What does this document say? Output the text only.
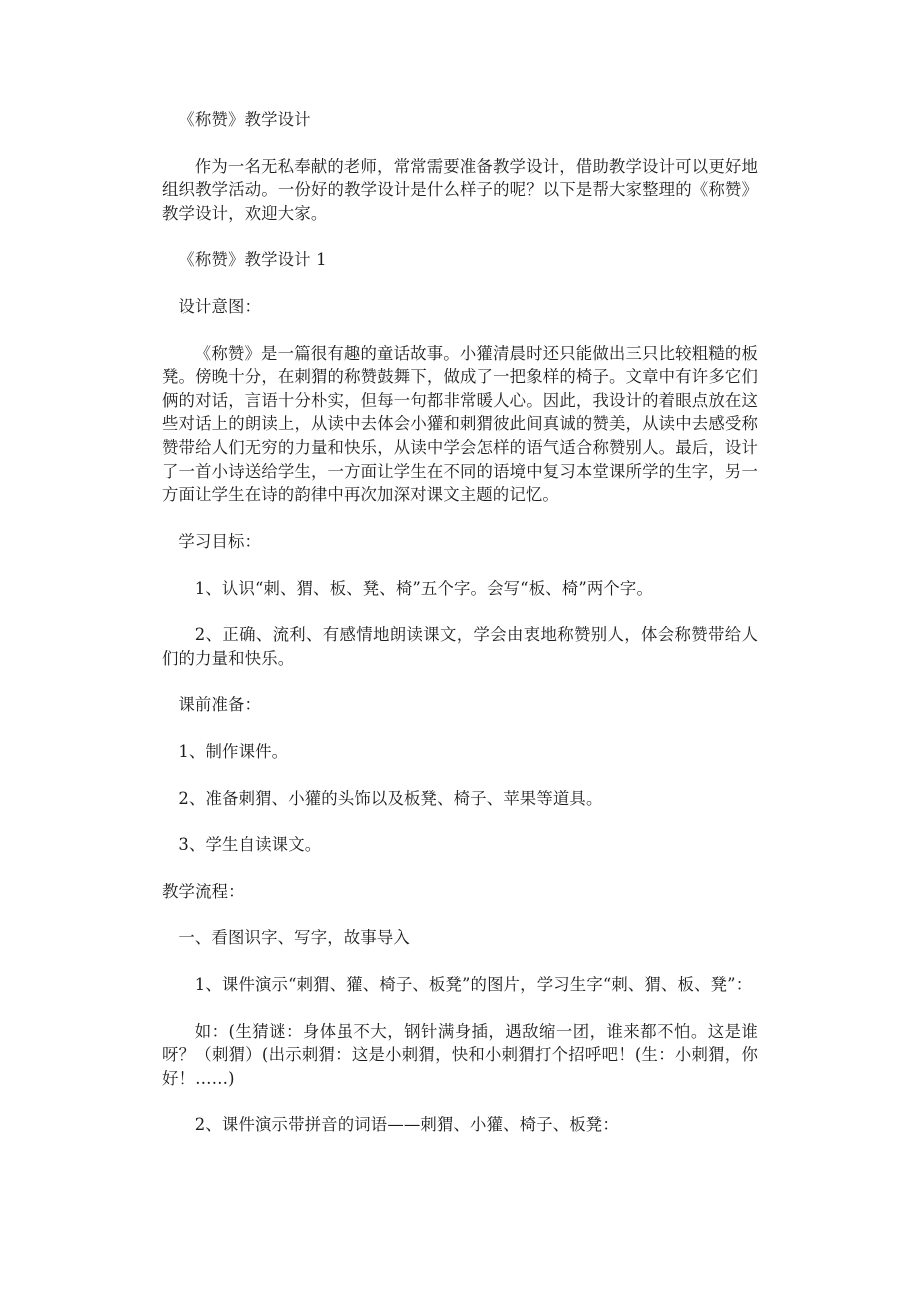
《称赞》教学设计

作为一名无私奉献的老师，常常需要准备教学设计，借助教学设计可以更好地组织教学活动。一份好的教学设计是什么样子的呢？以下是帮大家整理的《称赞》教学设计，欢迎大家。

《称赞》教学设计 1

设计意图：

《称赞》是一篇很有趣的童话故事。小獾清晨时还只能做出三只比较粗糙的板凳。傍晚十分，在刺猬的称赞鼓舞下，做成了一把象样的椅子。文章中有许多它们俩的对话，言语十分朴实，但每一句都非常暖人心。因此，我设计的着眼点放在这些对话上的朗读上，从读中去体会小獾和刺猬彼此间真诚的赞美，从读中去感受称赞带给人们无穷的力量和快乐，从读中学会怎样的语气适合称赞别人。最后，设计了一首小诗送给学生，一方面让学生在不同的语境中复习本堂课所学的生字，另一方面让学生在诗的韵律中再次加深对课文主题的记忆。

学习目标：

1、认识“刺、猬、板、凳、椅”五个字。会写“板、椅”两个字。

2、正确、流利、有感情地朗读课文，学会由衷地称赞别人，体会称赞带给人们的力量和快乐。

课前准备：

1、制作课件。

2、准备刺猬、小獾的头饰以及板凳、椅子、苹果等道具。

3、学生自读课文。

教学流程：

一、看图识字、写字，故事导入

1、课件演示“刺猬、獾、椅子、板凳”的图片，学习生字“刺、猬、板、凳”：

如：(生猜谜：身体虽不大，钢针满身插，遇敌缩一团，谁来都不怕。这是谁呀？（刺猬）(出示刺猬：这是小刺猬，快和小刺猬打个招呼吧！(生：小刺猬，你好！……)

2、课件演示带拼音的词语——刺猬、小獾、椅子、板凳：
